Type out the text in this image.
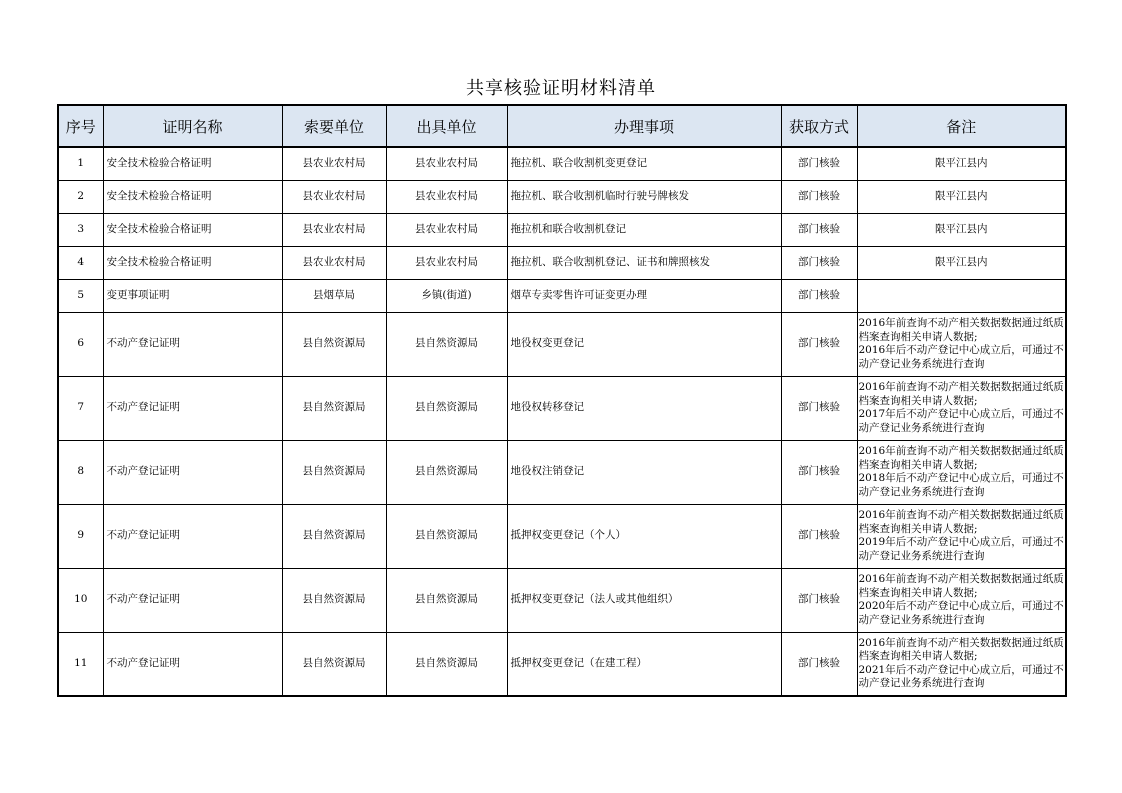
共享核验证明材料清单
序号	证明名称	索要单位	出具单位	办理事项	获取方式	备注
1	安全技术检验合格证明	县农业农村局	县农业农村局	拖拉机、联合收割机变更登记	部门核验	限平江县内
2	安全技术检验合格证明	县农业农村局	县农业农村局	拖拉机、联合收割机临时行驶号牌核发	部门核验	限平江县内
3	安全技术检验合格证明	县农业农村局	县农业农村局	拖拉机和联合收割机登记	部门核验	限平江县内
4	安全技术检验合格证明	县农业农村局	县农业农村局	拖拉机、联合收割机登记、证书和牌照核发	部门核验	限平江县内
5	变更事项证明	县烟草局	乡镇(街道)	烟草专卖零售许可证变更办理	部门核验	
6	不动产登记证明	县自然资源局	县自然资源局	地役权变更登记	部门核验	2016年前查询不动产相关数据数据通过纸质
档案查询相关申请人数据;
2016年后不动产登记中心成立后，可通过不
动产登记业务系统进行查询

7	不动产登记证明	县自然资源局	县自然资源局	地役权转移登记	部门核验	2016年前查询不动产相关数据数据通过纸质
档案查询相关申请人数据;
2017年后不动产登记中心成立后，可通过不
动产登记业务系统进行查询

8	不动产登记证明	县自然资源局	县自然资源局	地役权注销登记	部门核验	2016年前查询不动产相关数据数据通过纸质
档案查询相关申请人数据;
2018年后不动产登记中心成立后，可通过不
动产登记业务系统进行查询

9	不动产登记证明	县自然资源局	县自然资源局	抵押权变更登记（个人）	部门核验	2016年前查询不动产相关数据数据通过纸质
档案查询相关申请人数据;
2019年后不动产登记中心成立后，可通过不
动产登记业务系统进行查询

10	不动产登记证明	县自然资源局	县自然资源局	抵押权变更登记（法人或其他组织）	部门核验	2016年前查询不动产相关数据数据通过纸质
档案查询相关申请人数据;
2020年后不动产登记中心成立后，可通过不
动产登记业务系统进行查询

11	不动产登记证明	县自然资源局	县自然资源局	抵押权变更登记（在建工程）	部门核验	2016年前查询不动产相关数据数据通过纸质
档案查询相关申请人数据;
2021年后不动产登记中心成立后，可通过不
动产登记业务系统进行查询
